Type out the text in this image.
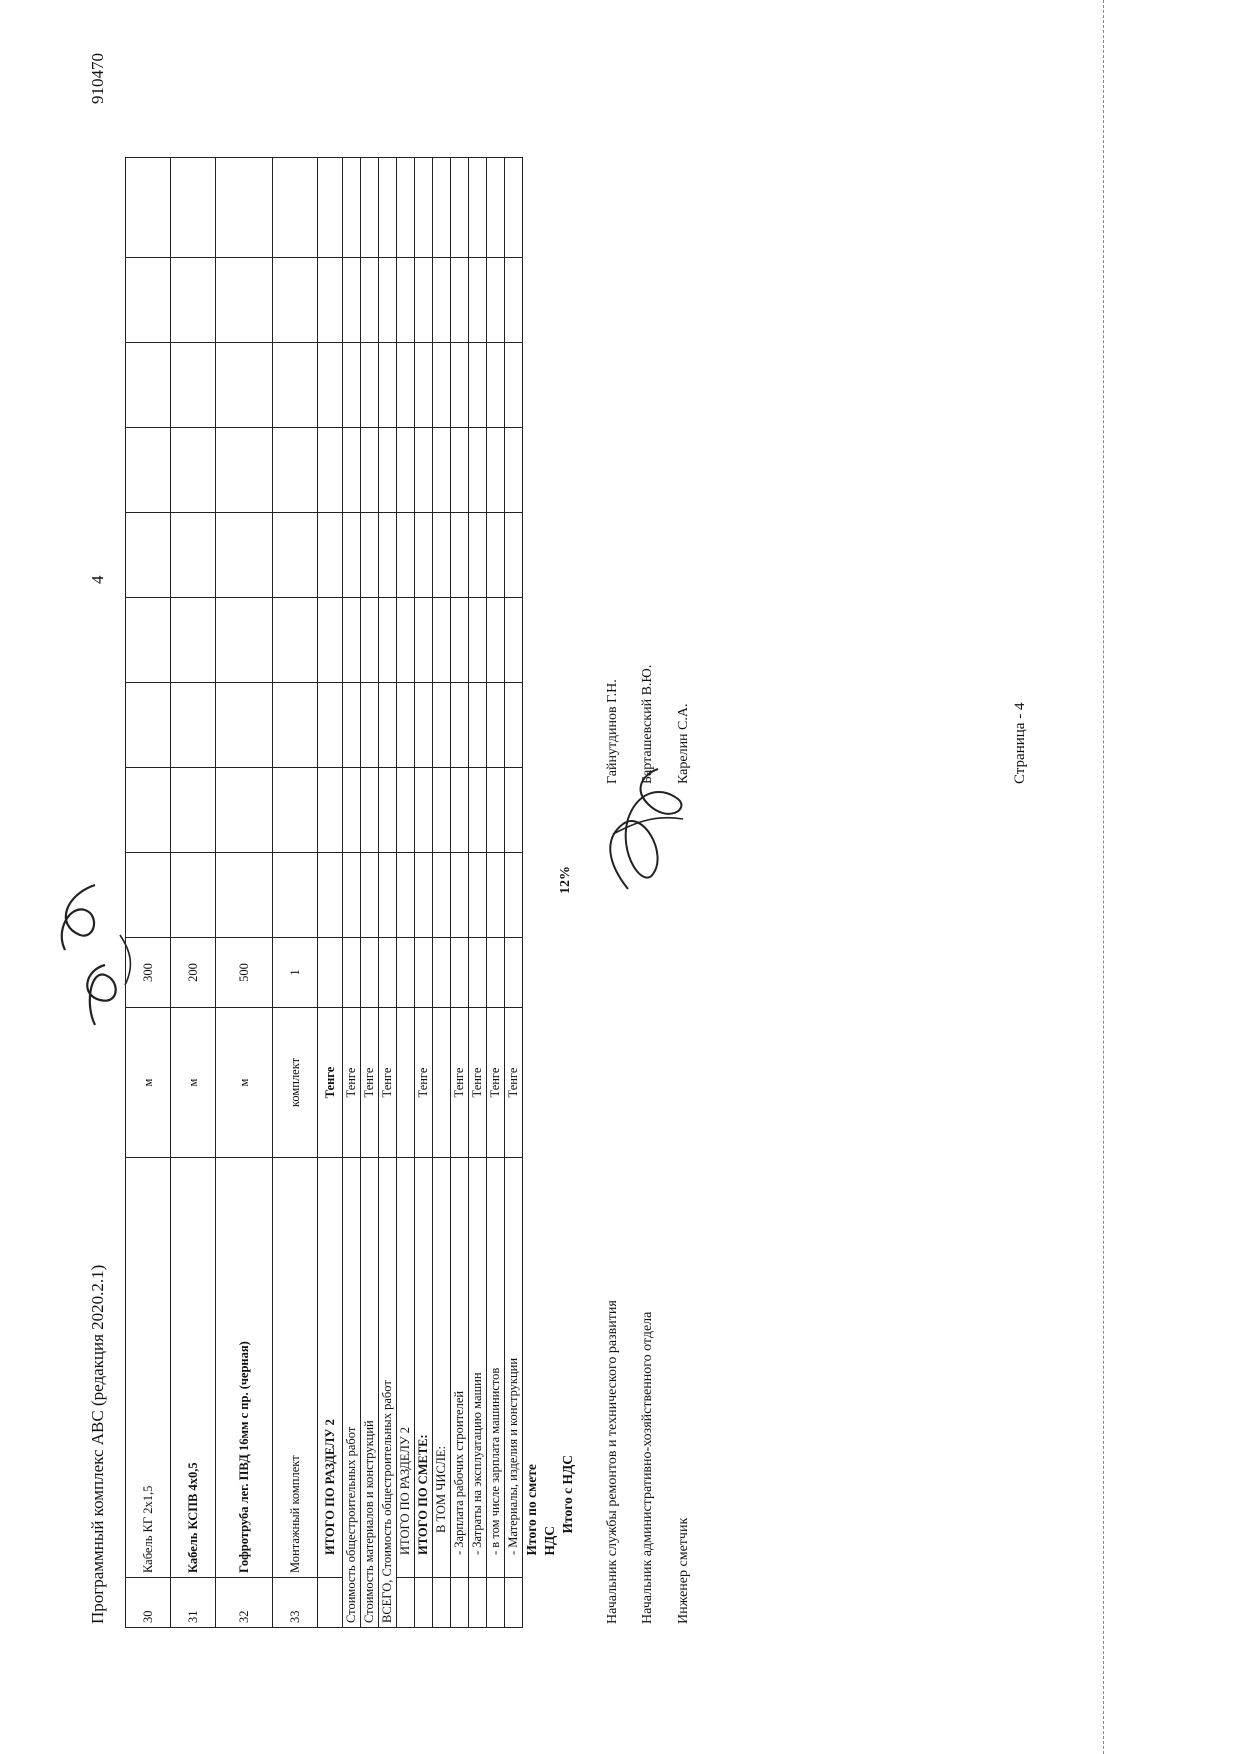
Программный комплекс АВС (редакция 2020.2.1)
4
910470
30	Кабель КГ 2х1,5	м	300									
31	Кабель КСПВ 4х0,5	м	200									
32	Гофротруба лег. ПВД 16мм с пр. (черная)	м	500									
33	Монтажный комплект	комплект	1									
	ИТОГО ПО РАЗДЕЛУ 2	Тенге										
Стоимость общестроительных работ		Тенге										
Стоимость материалов и конструкций		Тенге										
ВСЕГО, Стоимость общестроительных работ		Тенге										
	ИТОГО ПО РАЗДЕЛУ 2											
	ИТОГО ПО СМЕТЕ:	Тенге										
	В ТОМ ЧИСЛЕ:											
	- Зарплата рабочих строителей	Тенге										
	- Затраты на эксплуатацию машин	Тенге										
	- в том числе зарплата машинистов	Тенге										
	- Материалы, изделия и конструкции	Тенге										
	Итого по смете											
	НДС											
	Итого с НДС											
12%
Начальник службы ремонтов и технического развития
Гайнутдинов Г.Н.
Начальник административно-хозяйственного отдела
Барташевский В.Ю.
Инженер сметчик
Карелин С.А.	Страница - 4
